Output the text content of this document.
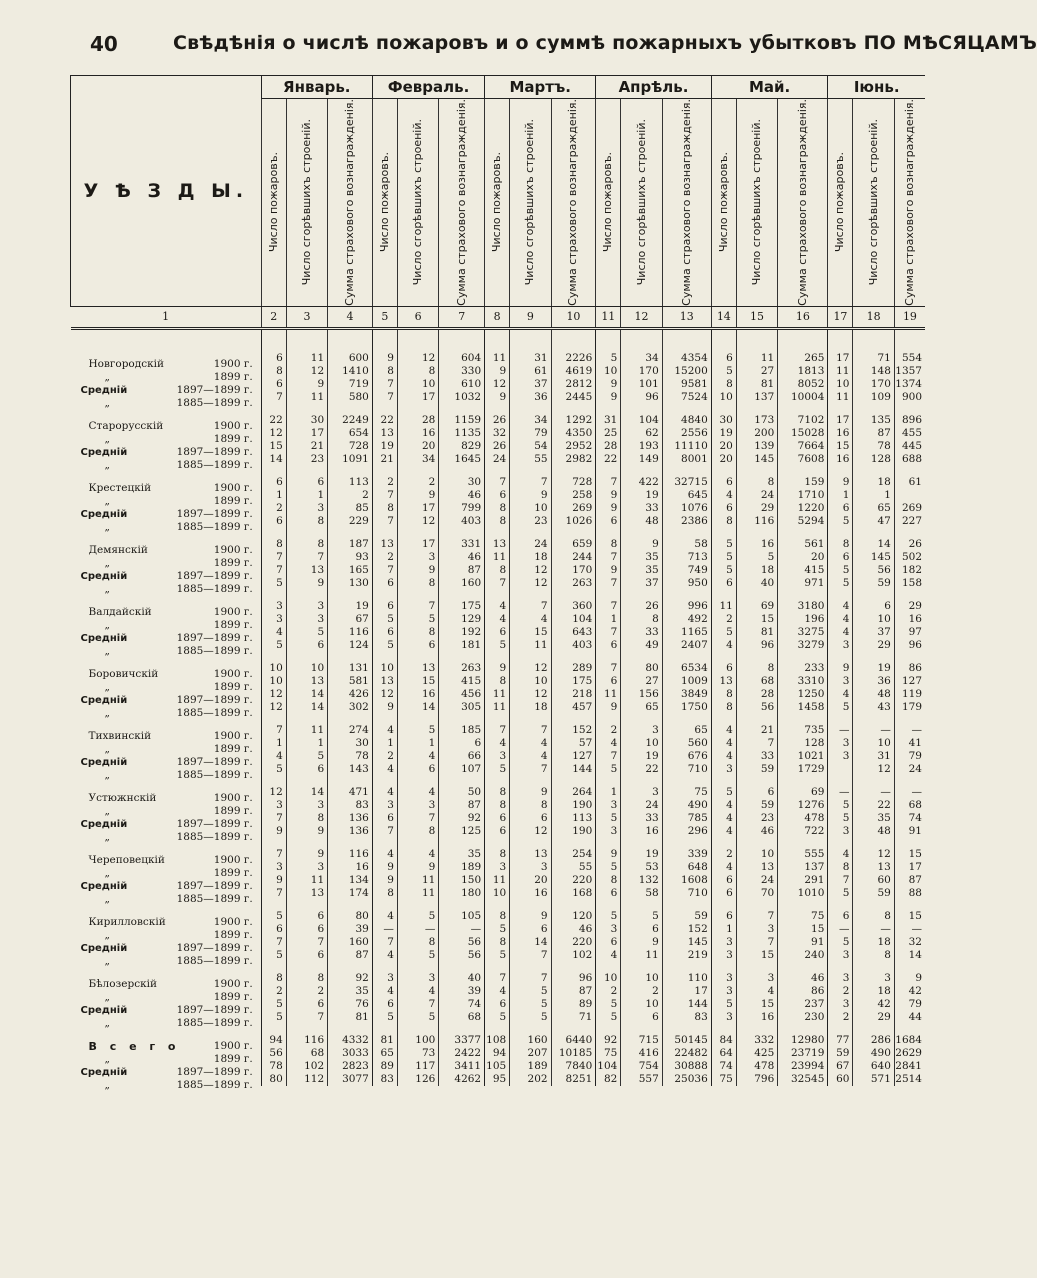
40	Свѣдѣнія о числѣ пожаровъ и о суммѣ пожарныхъ убытковъ ПО МѢСЯЦАМЪ
У Ѣ З Д Ы.	Январь.			Февраль.			Мартъ.			Апрѣль.			Май.			Іюнь.		

	Число пожаровъ.	Число сгорѣвшихъ строеній.	Сумма страхового вознагражденія.	Число пожаровъ.	Число сгорѣвшихъ строеній.	Сумма страхового вознагражденія.	Число пожаровъ.	Число сгорѣвшихъ строеній.	Сумма страхового вознагражденія.	Число пожаровъ.	Число сгорѣвшихъ строеній.	Сумма страхового вознагражденія.	Число пожаровъ.	Число сгорѣвшихъ строеній.	Сумма страхового вознагражденія.	Число пожаровъ.	Число сгорѣвшихъ строеній.	Сумма страхового вознагражденія.

1	2	3	4	5	6	7	8	9	10	11	12	13	14	15	16	17	18	19

Новгородскій 1900 г.	6	11	600	9	12	604	11	31	2226	5	34	4354	6	11	265	17	71	554

„ 1899 г.	8	12	1410	8	8	330	9	61	4619	10	170	15200	5	27	1813	11	148	1357

Средній 1897—1899 г.	6	9	719	7	10	610	12	37	2812	9	101	9581	8	81	8052	10	170	1374

„ 1885—1899 г.	7	11	580	7	17	1032	9	36	2445	9	96	7524	10	137	10004	11	109	900

Старорусскій 1900 г.	22	30	2249	22	28	1159	26	34	1292	31	104	4840	30	173	7102	17	135	896

„ 1899 г.	12	17	654	13	16	1135	32	79	4350	25	62	2556	19	200	15028	16	87	455

Средній 1897—1899 г.	15	21	728	19	20	829	26	54	2952	28	193	11110	20	139	7664	15	78	445

„ 1885—1899 г.	14	23	1091	21	34	1645	24	55	2982	22	149	8001	20	145	7608	16	128	688

Крестецкій 1900 г.	6	6	113	2	2	30	7	7	728	7	422	32715	6	8	159	9	18	61

„ 1899 г.	1	1	2	7	9	46	6	9	258	9	19	645	4	24	1710	1	1	

Средній 1897—1899 г.	2	3	85	8	17	799	8	10	269	9	33	1076	6	29	1220	6	65	269

„ 1885—1899 г.	6	8	229	7	12	403	8	23	1026	6	48	2386	8	116	5294	5	47	227

Демянскій 1900 г.	8	8	187	13	17	331	13	24	659	8	9	58	5	16	561	8	14	26

„ 1899 г.	7	7	93	2	3	46	11	18	244	7	35	713	5	5	20	6	145	502

Средній 1897—1899 г.	7	13	165	7	9	87	8	12	170	9	35	749	5	18	415	5	56	182

„ 1885—1899 г.	5	9	130	6	8	160	7	12	263	7	37	950	6	40	971	5	59	158

Валдайскій 1900 г.	3	3	19	6	7	175	4	7	360	7	26	996	11	69	3180	4	6	29

„ 1899 г.	3	3	67	5	5	129	4	4	104	1	8	492	2	15	196	4	10	16

Средній 1897—1899 г.	4	5	116	6	8	192	6	15	643	7	33	1165	5	81	3275	4	37	97

„ 1885—1899 г.	5	6	124	5	6	181	5	11	403	6	49	2407	4	96	3279	3	29	96

Боровичскій 1900 г.	10	10	131	10	13	263	9	12	289	7	80	6534	6	8	233	9	19	86

„ 1899 г.	10	13	581	13	15	415	8	10	175	6	27	1009	13	68	3310	3	36	127

Средній 1897—1899 г.	12	14	426	12	16	456	11	12	218	11	156	3849	8	28	1250	4	48	119

„ 1885—1899 г.	12	14	302	9	14	305	11	18	457	9	65	1750	8	56	1458	5	43	179

Тихвинскій 1900 г.	7	11	274	4	5	185	7	7	152	2	3	65	4	21	735	—	—	—

„ 1899 г.	1	1	30	1	1	6	4	4	57	4	10	560	4	7	128	3	10	41

Средній 1897—1899 г.	4	5	78	2	4	66	3	4	127	7	19	676	4	33	1021	3	31	79

„ 1885—1899 г.	5	6	143	4	6	107	5	7	144	5	22	710	3	59	1729		12	24

Устюжнскій 1900 г.	12	14	471	4	4	50	8	9	264	1	3	75	5	6	69	—	—	—

„ 1899 г.	3	3	83	3	3	87	8	8	190	3	24	490	4	59	1276	5	22	68

Средній 1897—1899 г.	7	8	136	6	7	92	6	6	113	5	33	785	4	23	478	5	35	74

„ 1885—1899 г.	9	9	136	7	8	125	6	12	190	3	16	296	4	46	722	3	48	91

Череповецкій 1900 г.	7	9	116	4	4	35	8	13	254	9	19	339	2	10	555	4	12	15

„ 1899 г.	3	3	16	9	9	189	3	3	55	5	53	648	4	13	137	8	13	17

Средній 1897—1899 г.	9	11	134	9	11	150	11	20	220	8	132	1608	6	24	291	7	60	87

„ 1885—1899 г.	7	13	174	8	11	180	10	16	168	6	58	710	6	70	1010	5	59	88

Кирилловскій 1900 г.	5	6	80	4	5	105	8	9	120	5	5	59	6	7	75	6	8	15

„ 1899 г.	6	6	39	—	—	—	5	6	46	3	6	152	1	3	15	—	—	—

Средній 1897—1899 г.	7	7	160	7	8	56	8	14	220	6	9	145	3	7	91	5	18	32

„ 1885—1899 г.	5	6	87	4	5	56	5	7	102	4	11	219	3	15	240	3	8	14

Бѣлозерскій 1900 г.	8	8	92	3	3	40	7	7	96	10	10	110	3	3	46	3	3	9

„ 1899 г.	2	2	35	4	4	39	4	5	87	2	2	17	3	4	86	2	18	42

Средній 1897—1899 г.	5	6	76	6	7	74	6	5	89	5	10	144	5	15	237	3	42	79

„ 1885—1899 г.	5	7	81	5	5	68	5	5	71	5	6	83	3	16	230	2	29	44

В с е г о 1900 г.	94	116	4332	81	100	3377	108	160	6440	92	715	50145	84	332	12980	77	286	1684

„ 1899 г.	56	68	3033	65	73	2422	94	207	10185	75	416	22482	64	425	23719	59	490	2629

Средній 1897—1899 г.	78	102	2823	89	117	3411	105	189	7840	104	754	30888	74	478	23994	67	640	2841

„ 1885—1899 г.	80	112	3077	83	126	4262	95	202	8251	82	557	25036	75	796	32545	60	571	2514
